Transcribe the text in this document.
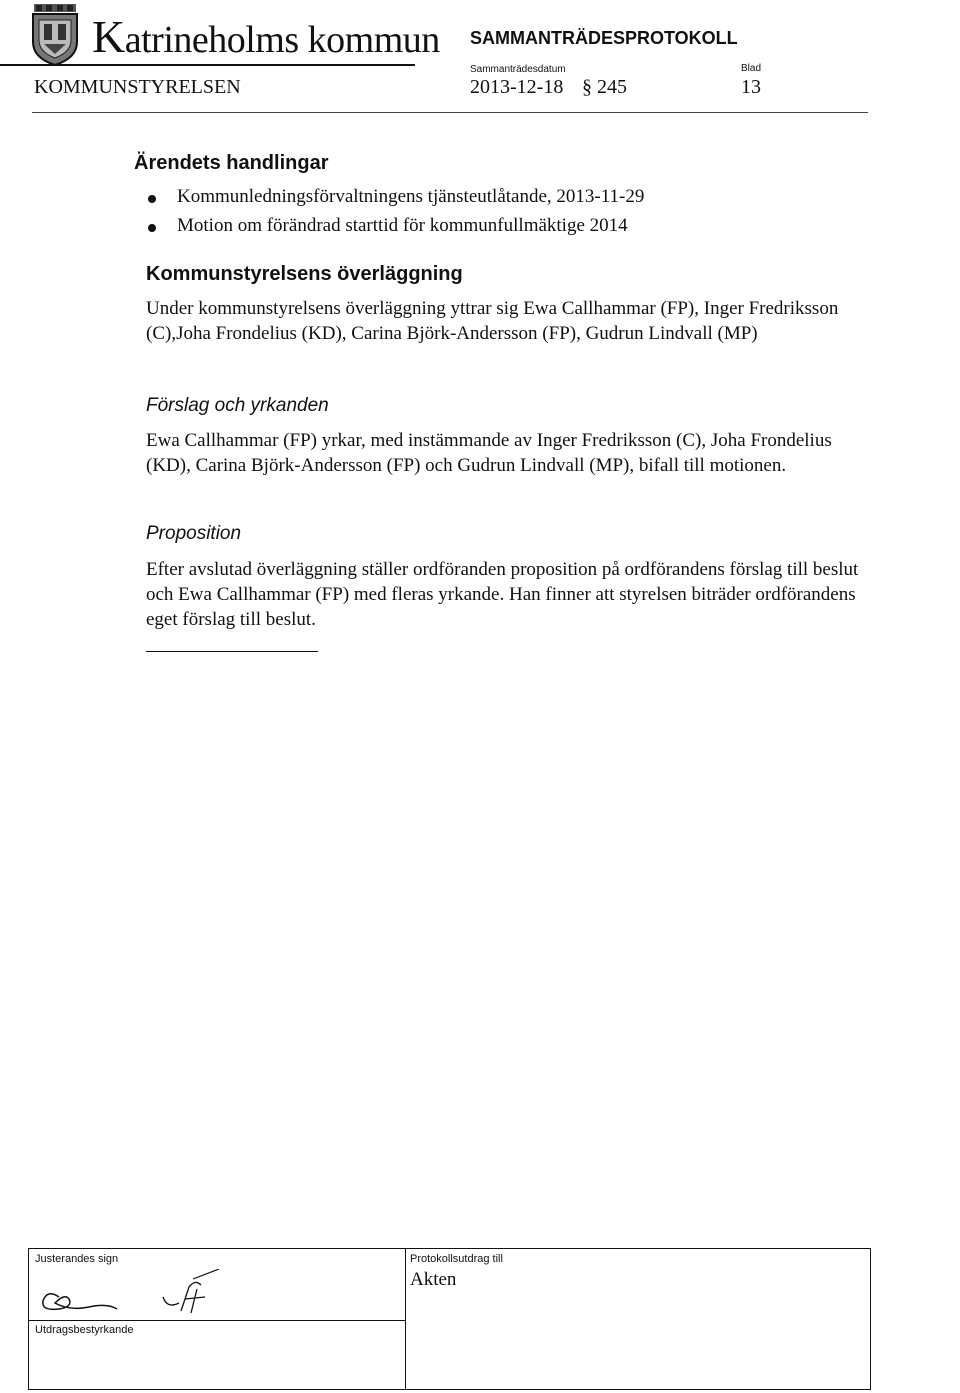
Katrineholms kommun SAMMANTRÄDESPROTOKOLL
KOMMUNSTYRELSEN
Sammanträdesdatum
2013-12-18 § 245
Blad
13
Ärendets handlingar
Kommunledningsförvaltningens tjänsteutlåtande, 2013-11-29
Motion om förändrad starttid för kommunfullmäktige 2014
Kommunstyrelsens överläggning
Under kommunstyrelsens överläggning yttrar sig Ewa Callhammar (FP), Inger Fredriksson (C),Joha Frondelius (KD), Carina Björk-Andersson (FP), Gudrun Lindvall (MP)
Förslag och yrkanden
Ewa Callhammar (FP) yrkar, med instämmande av Inger Fredriksson (C), Joha Frondelius (KD), Carina Björk-Andersson (FP) och Gudrun Lindvall (MP), bifall till motionen.
Proposition
Efter avslutad överläggning ställer ordföranden proposition på ordförandens förslag till beslut och Ewa Callhammar (FP) med fleras yrkande. Han finner att styrelsen biträder ordförandens eget förslag till beslut.
Justerandes sign
Utdragsbestyrkande
Protokollsutdrag till
Akten
